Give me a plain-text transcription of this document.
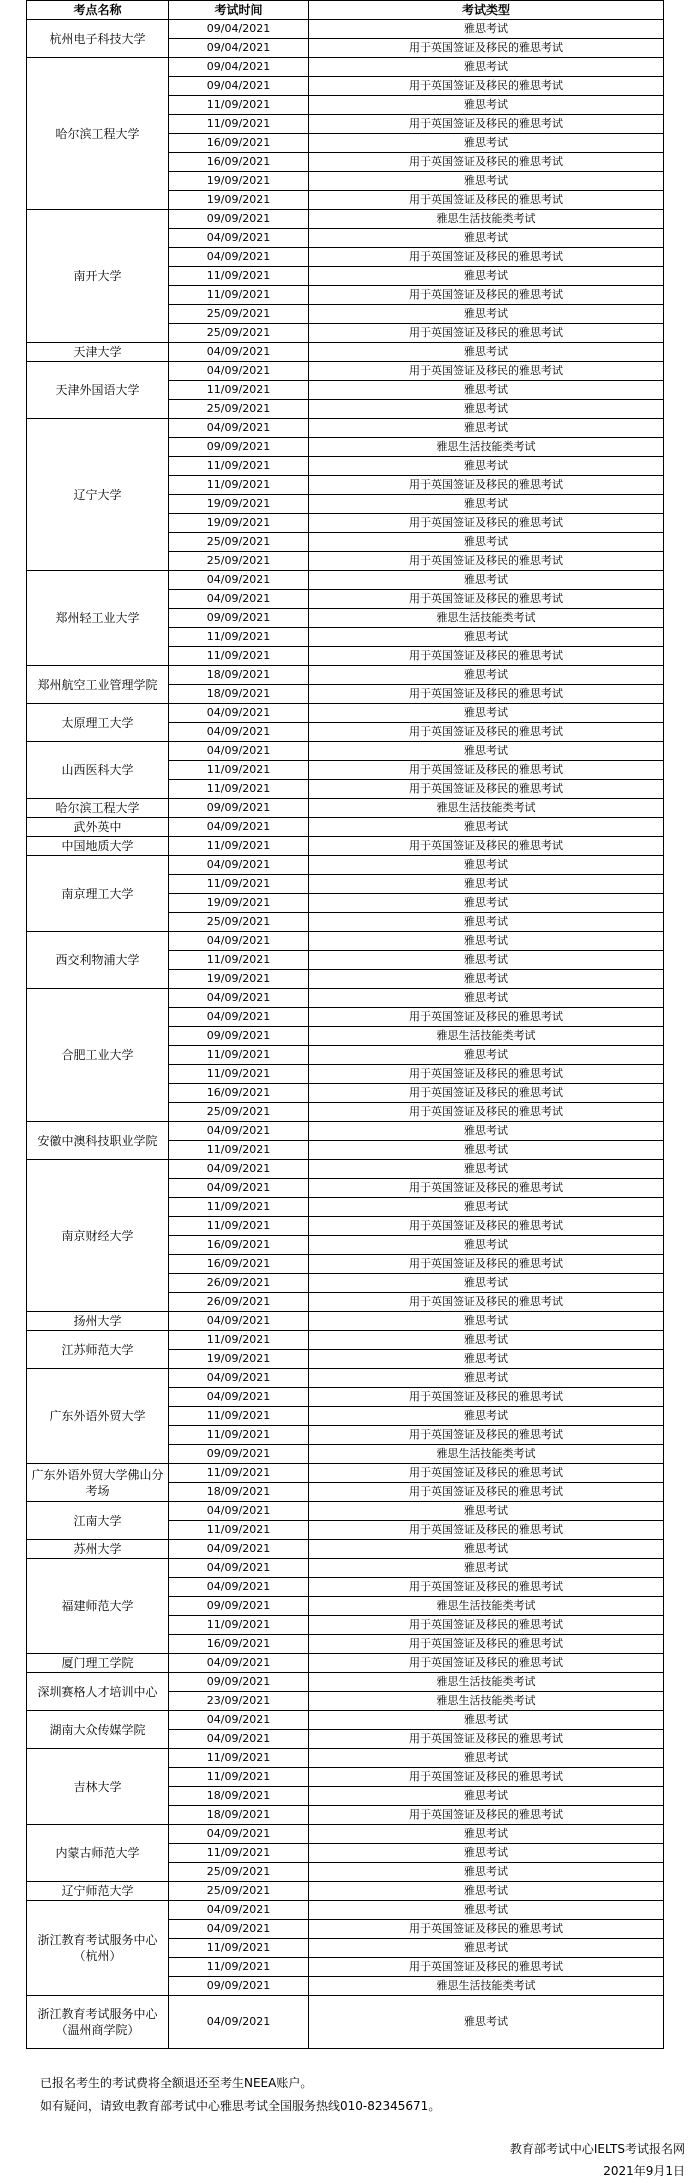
考点名称	考试时间	考试类型
杭州电子科技大学	09/04/2021	雅思考试
	09/04/2021	用于英国签证及移民的雅思考试
哈尔滨工程大学	09/04/2021	雅思考试
	09/04/2021	用于英国签证及移民的雅思考试
	11/09/2021	雅思考试
	11/09/2021	用于英国签证及移民的雅思考试
	16/09/2021	雅思考试
	16/09/2021	用于英国签证及移民的雅思考试
	19/09/2021	雅思考试
	19/09/2021	用于英国签证及移民的雅思考试
南开大学	09/09/2021	雅思生活技能类考试
	04/09/2021	雅思考试
	04/09/2021	用于英国签证及移民的雅思考试
	11/09/2021	雅思考试
	11/09/2021	用于英国签证及移民的雅思考试
	25/09/2021	雅思考试
	25/09/2021	用于英国签证及移民的雅思考试
天津大学	04/09/2021	雅思考试
天津外国语大学	04/09/2021	用于英国签证及移民的雅思考试
	11/09/2021	雅思考试
	25/09/2021	雅思考试
辽宁大学	04/09/2021	雅思考试
	09/09/2021	雅思生活技能类考试
	11/09/2021	雅思考试
	11/09/2021	用于英国签证及移民的雅思考试
	19/09/2021	雅思考试
	19/09/2021	用于英国签证及移民的雅思考试
	25/09/2021	雅思考试
	25/09/2021	用于英国签证及移民的雅思考试
郑州轻工业大学	04/09/2021	雅思考试
	04/09/2021	用于英国签证及移民的雅思考试
	09/09/2021	雅思生活技能类考试
	11/09/2021	雅思考试
	11/09/2021	用于英国签证及移民的雅思考试
郑州航空工业管理学院	18/09/2021	雅思考试
	18/09/2021	用于英国签证及移民的雅思考试
太原理工大学	04/09/2021	雅思考试
	04/09/2021	用于英国签证及移民的雅思考试
山西医科大学	04/09/2021	雅思考试
	11/09/2021	用于英国签证及移民的雅思考试
	11/09/2021	用于英国签证及移民的雅思考试
哈尔滨工程大学	09/09/2021	雅思生活技能类考试
武外英中	04/09/2021	雅思考试
中国地质大学	11/09/2021	用于英国签证及移民的雅思考试
南京理工大学	04/09/2021	雅思考试
	11/09/2021	雅思考试
	19/09/2021	雅思考试
	25/09/2021	雅思考试
西交利物浦大学	04/09/2021	雅思考试
	11/09/2021	雅思考试
	19/09/2021	雅思考试
合肥工业大学	04/09/2021	雅思考试
	04/09/2021	用于英国签证及移民的雅思考试
	09/09/2021	雅思生活技能类考试
	11/09/2021	雅思考试
	11/09/2021	用于英国签证及移民的雅思考试
	16/09/2021	用于英国签证及移民的雅思考试
	25/09/2021	用于英国签证及移民的雅思考试
安徽中澳科技职业学院	04/09/2021	雅思考试
	11/09/2021	雅思考试
南京财经大学	04/09/2021	雅思考试
	04/09/2021	用于英国签证及移民的雅思考试
	11/09/2021	雅思考试
	11/09/2021	用于英国签证及移民的雅思考试
	16/09/2021	雅思考试
	16/09/2021	用于英国签证及移民的雅思考试
	26/09/2021	雅思考试
	26/09/2021	用于英国签证及移民的雅思考试
扬州大学	04/09/2021	雅思考试
江苏师范大学	11/09/2021	雅思考试
	19/09/2021	雅思考试
广东外语外贸大学	04/09/2021	雅思考试
	04/09/2021	用于英国签证及移民的雅思考试
	11/09/2021	雅思考试
	11/09/2021	用于英国签证及移民的雅思考试
	09/09/2021	雅思生活技能类考试
广东外语外贸大学佛山分考场	11/09/2021	用于英国签证及移民的雅思考试
	18/09/2021	用于英国签证及移民的雅思考试
江南大学	04/09/2021	雅思考试
	11/09/2021	用于英国签证及移民的雅思考试
苏州大学	04/09/2021	雅思考试
福建师范大学	04/09/2021	雅思考试
	04/09/2021	用于英国签证及移民的雅思考试
	09/09/2021	雅思生活技能类考试
	11/09/2021	用于英国签证及移民的雅思考试
	16/09/2021	用于英国签证及移民的雅思考试
厦门理工学院	04/09/2021	用于英国签证及移民的雅思考试
深圳赛格人才培训中心	09/09/2021	雅思生活技能类考试
	23/09/2021	雅思生活技能类考试
湖南大众传媒学院	04/09/2021	雅思考试
	04/09/2021	用于英国签证及移民的雅思考试
吉林大学	11/09/2021	雅思考试
	11/09/2021	用于英国签证及移民的雅思考试
	18/09/2021	雅思考试
	18/09/2021	用于英国签证及移民的雅思考试
内蒙古师范大学	04/09/2021	雅思考试
	11/09/2021	雅思考试
	25/09/2021	雅思考试
辽宁师范大学	25/09/2021	雅思考试
浙江教育考试服务中心（杭州）	04/09/2021	雅思考试
	04/09/2021	用于英国签证及移民的雅思考试
	11/09/2021	雅思考试
	11/09/2021	用于英国签证及移民的雅思考试
	09/09/2021	雅思生活技能类考试
浙江教育考试服务中心（温州商学院）	04/09/2021	雅思考试
已报名考生的考试费将全额退还至考生NEEA账户。
如有疑问，请致电教育部考试中心雅思考试全国服务热线010-82345671。
教育部考试中心IELTS考试报名网
2021年9月1日
